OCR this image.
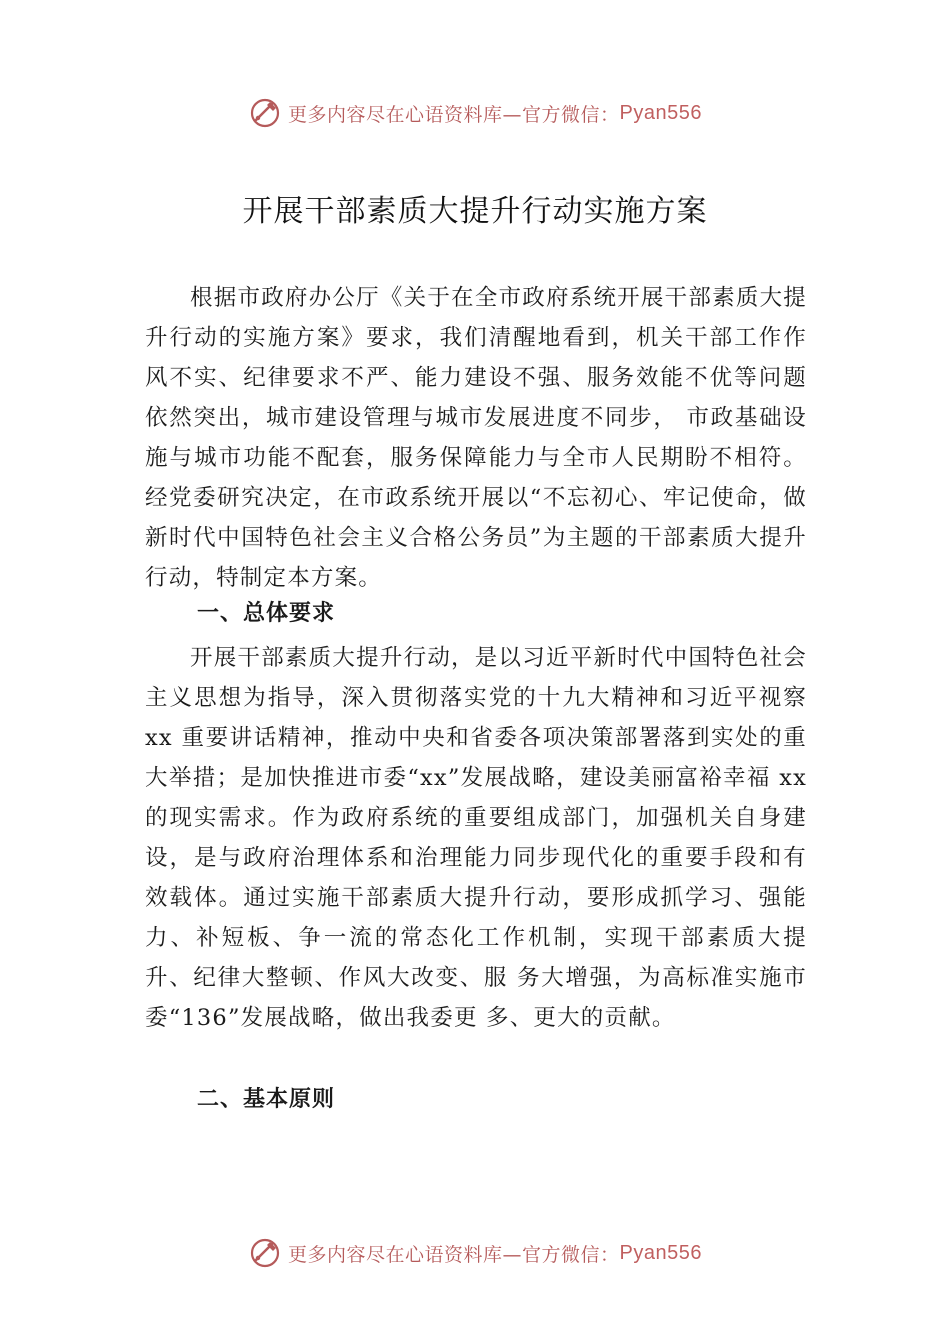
更多内容尽在心语资料库—官方微信： Pyan556
开展干部素质大提升行动实施方案

根据市政府办公厅《关于在全市政府系统开展干部素质大提升行动的实施方案》要求，我们清醒地看到，机关干部工作作风不实、纪律要求不严、能力建设不强、服务效能不优等问题依然突出，城市建设管理与城市发展进度不同步， 市政基础设施与城市功能不配套，服务保障能力与全市人民期盼不相符。经党委研究决定，在市政系统开展以“不忘初心、牢记使命，做新时代中国特色社会主义合格公务员”为主题的干部素质大提升行动，特制定本方案。

一、总体要求

开展干部素质大提升行动，是以习近平新时代中国特色社会主义思想为指导，深入贯彻落实党的十九大精神和习近平视察 xx 重要讲话精神，推动中央和省委各项决策部署落到实处的重大举措；是加快推进市委“xx”发展战略，建设美丽富裕幸福 xx 的现实需求。作为政府系统的重要组成部门，加强机关自身建设，是与政府治理体系和治理能力同步现代化的重要手段和有效载体。通过实施干部素质大提升行动，要形成抓学习、强能力、补短板、争一流的常态化工作机制，实现干部素质大提升、纪律大整顿、作风大改变、服 务大增强，为高标准实施市委“136”发展战略，做出我委更 多、更大的贡献。

二、基本原则

更多内容尽在心语资料库—官方微信： Pyan556
